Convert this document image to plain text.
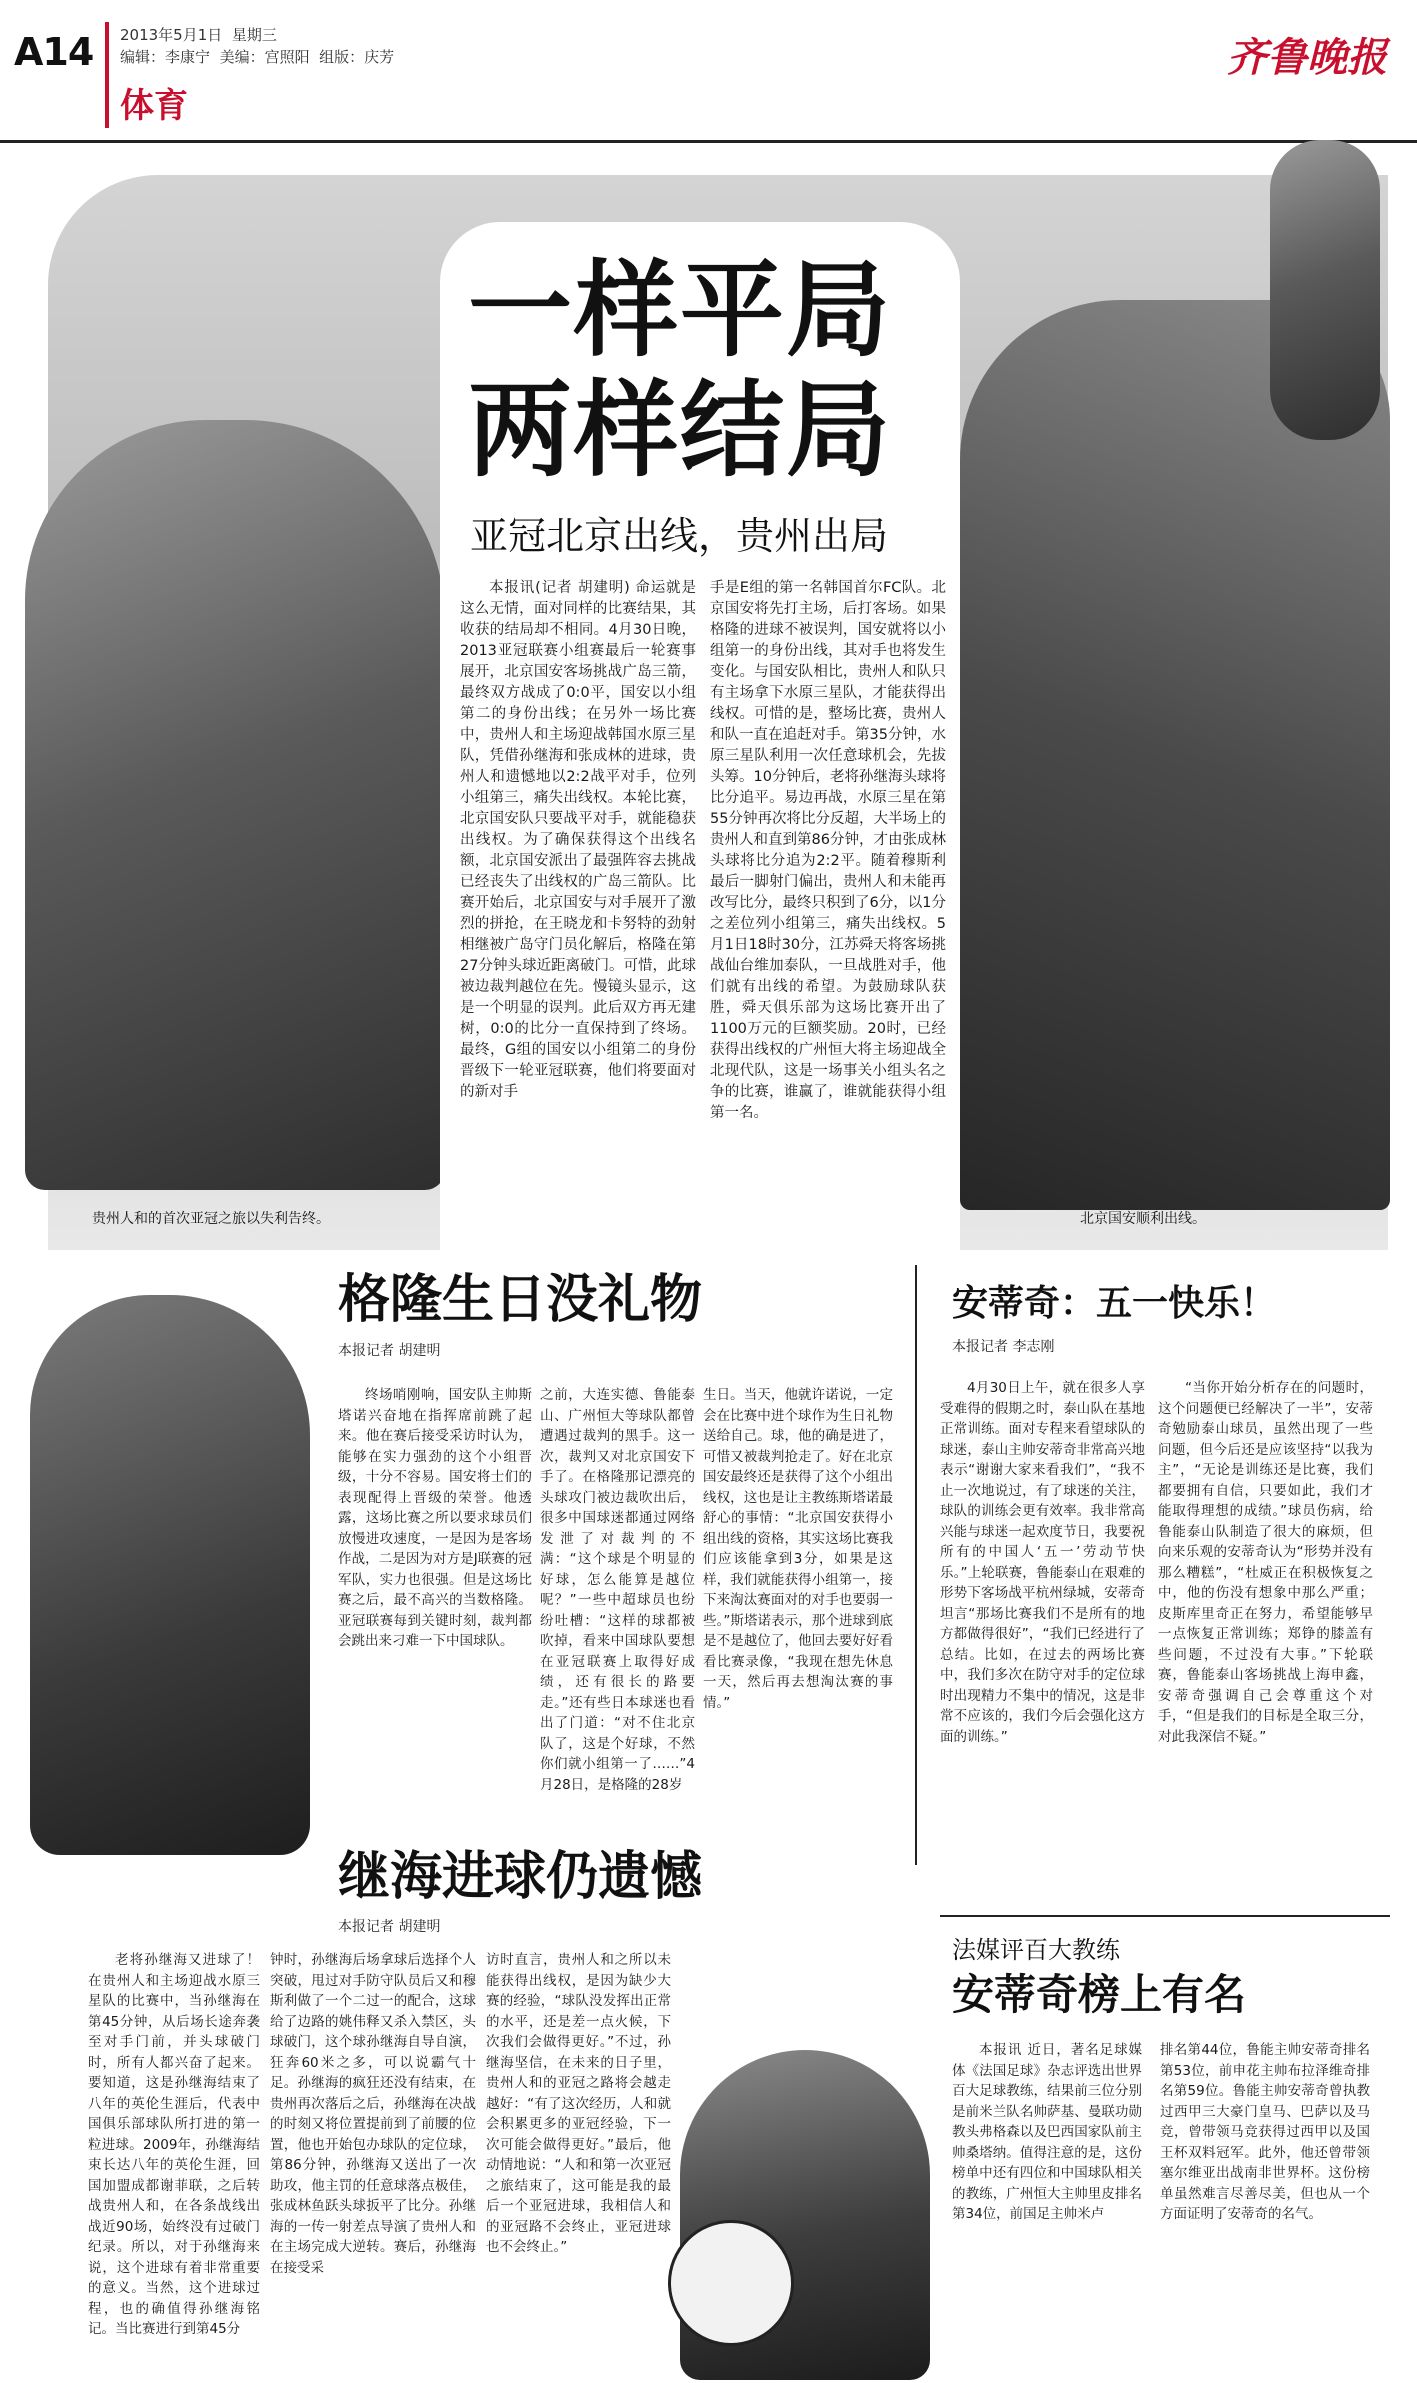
A14 2013年5月1日 星期三
编辑：李康宁 美编：宫照阳 组版：庆芳
体育
齐鲁晚报
一样平局
两样结局
亚冠北京出线，贵州出局

本报讯(记者 胡建明) 命运就是这么无情，面对同样的比赛结果，其收获的结局却不相同。4月30日晚，2013亚冠联赛小组赛最后一轮赛事展开，北京国安客场挑战广岛三箭，最终双方战成了0:0平，国安以小组第二的身份出线；在另外一场比赛中，贵州人和主场迎战韩国水原三星队，凭借孙继海和张成林的进球，贵州人和遗憾地以2:2战平对手，位列小组第三，痛失出线权。本轮比赛，北京国安队只要战平对手，就能稳获出线权。为了确保获得这个出线名额，北京国安派出了最强阵容去挑战已经丧失了出线权的广岛三箭队。比赛开始后，北京国安与对手展开了激烈的拼抢，在王晓龙和卡努特的劲射相继被广岛守门员化解后，格隆在第27分钟头球近距离破门。可惜，此球被边裁判越位在先。慢镜头显示，这是一个明显的误判。此后双方再无建树，0:0的比分一直保持到了终场。最终，G组的国安以小组第二的身份晋级下一轮亚冠联赛，他们将要面对的新对手

手是E组的第一名韩国首尔FC队。北京国安将先打主场，后打客场。如果格隆的进球不被误判，国安就将以小组第一的身份出线，其对手也将发生变化。与国安队相比，贵州人和队只有主场拿下水原三星队，才能获得出线权。可惜的是，整场比赛，贵州人和队一直在追赶对手。第35分钟，水原三星队利用一次任意球机会，先拔头筹。10分钟后，老将孙继海头球将比分追平。易边再战，水原三星在第55分钟再次将比分反超，大半场上的贵州人和直到第86分钟，才由张成林头球将比分追为2:2平。随着穆斯利最后一脚射门偏出，贵州人和未能再改写比分，最终只积到了6分，以1分之差位列小组第三，痛失出线权。5月1日18时30分，江苏舜天将客场挑战仙台维加泰队，一旦战胜对手，他们就有出线的希望。为鼓励球队获胜，舜天俱乐部为这场比赛开出了1100万元的巨额奖励。20时，已经获得出线权的广州恒大将主场迎战全北现代队，这是一场事关小组头名之争的比赛，谁赢了，谁就能获得小组第一名。

贵州人和的首次亚冠之旅以失利告终。	北京国安顺利出线。
格隆生日没礼物
本报记者 胡建明

终场哨刚响，国安队主帅斯塔诺兴奋地在指挥席前跳了起来。他在赛后接受采访时认为，能够在实力强劲的这个小组晋级，十分不容易。国安将士们的表现配得上晋级的荣誉。他透露，这场比赛之所以要求球员们放慢进攻速度，一是因为是客场作战，二是因为对方是J联赛的冠军队，实力也很强。但是这场比赛之后，最不高兴的当数格隆。亚冠联赛每到关键时刻，裁判都会跳出来刁难一下中国球队。

之前，大连实德、鲁能泰山、广州恒大等球队都曾遭遇过裁判的黑手。这一次，裁判又对北京国安下手了。在格隆那记漂亮的头球攻门被边裁吹出后，很多中国球迷都通过网络发泄了对裁判的不满：“这个球是个明显的好球，怎么能算是越位呢？”一些中超球员也纷纷吐槽：“这样的球都被吹掉，看来中国球队要想在亚冠联赛上取得好成绩，还有很长的路要走。”还有些日本球迷也看出了门道：“对不住北京队了，这是个好球，不然你们就小组第一了……”4月28日，是格隆的28岁

生日。当天，他就许诺说，一定会在比赛中进个球作为生日礼物送给自己。球，他的确是进了，可惜又被裁判抢走了。好在北京国安最终还是获得了这个小组出线权，这也是让主教练斯塔诺最舒心的事情：“北京国安获得小组出线的资格，其实这场比赛我们应该能拿到3分，如果是这样，我们就能获得小组第一，接下来淘汰赛面对的对手也要弱一些。”斯塔诺表示，那个进球到底是不是越位了，他回去要好好看看比赛录像，“我现在想先休息一天，然后再去想淘汰赛的事情。”

安蒂奇：五一快乐！
本报记者 李志刚

4月30日上午，就在很多人享受难得的假期之时，泰山队在基地正常训练。面对专程来看望球队的球迷，泰山主帅安蒂奇非常高兴地表示“谢谢大家来看我们”，“我不止一次地说过，有了球迷的关注，球队的训练会更有效率。我非常高兴能与球迷一起欢度节日，我要祝所有的中国人‘五一’劳动节快乐。”上轮联赛，鲁能泰山在艰难的形势下客场战平杭州绿城，安蒂奇坦言“那场比赛我们不是所有的地方都做得很好”，“我们已经进行了总结。比如，在过去的两场比赛中，我们多次在防守对手的定位球时出现精力不集中的情况，这是非常不应该的，我们今后会强化这方面的训练。”

“当你开始分析存在的问题时，这个问题便已经解决了一半”，安蒂奇勉励泰山球员，虽然出现了一些问题，但今后还是应该坚持“以我为主”，“无论是训练还是比赛，我们都要拥有自信，只要如此，我们才能取得理想的成绩。”球员伤病，给鲁能泰山队制造了很大的麻烦，但向来乐观的安蒂奇认为“形势并没有那么糟糕”，“杜威正在积极恢复之中，他的伤没有想象中那么严重；皮斯库里奇正在努力，希望能够早一点恢复正常训练；郑铮的膝盖有些问题，不过没有大事。”下轮联赛，鲁能泰山客场挑战上海申鑫，安蒂奇强调自己会尊重这个对手，“但是我们的目标是全取三分，对此我深信不疑。”

继海进球仍遗憾
本报记者 胡建明

老将孙继海又进球了！在贵州人和主场迎战水原三星队的比赛中，当孙继海在第45分钟，从后场长途奔袭至对手门前，并头球破门时，所有人都兴奋了起来。要知道，这是孙继海结束了八年的英伦生涯后，代表中国俱乐部球队所打进的第一粒进球。2009年，孙继海结束长达八年的英伦生涯，回国加盟成都谢菲联，之后转战贵州人和，在各条战线出战近90场，始终没有过破门纪录。所以，对于孙继海来说，这个进球有着非常重要的意义。当然，这个进球过程，也的确值得孙继海铭记。当比赛进行到第45分

钟时，孙继海后场拿球后选择个人突破，甩过对手防守队员后又和穆斯利做了一个二过一的配合，这球给了边路的姚伟释又杀入禁区，头球破门，这个球孙继海自导自演，狂奔60米之多，可以说霸气十足。孙继海的疯狂还没有结束，在贵州再次落后之后，孙继海在决战的时刻又将位置提前到了前腰的位置，他也开始包办球队的定位球，第86分钟，孙继海又送出了一次助攻，他主罚的任意球落点极佳，张成林鱼跃头球扳平了比分。孙继海的一传一射差点导演了贵州人和在主场完成大逆转。赛后，孙继海在接受采

访时直言，贵州人和之所以未能获得出线权，是因为缺少大赛的经验，“球队没发挥出正常的水平，还是差一点火候，下次我们会做得更好。”不过，孙继海坚信，在未来的日子里，贵州人和的亚冠之路将会越走越好：“有了这次经历，人和就会积累更多的亚冠经验，下一次可能会做得更好。”最后，他动情地说：“人和和第一次亚冠之旅结束了，这可能是我的最后一个亚冠进球，我相信人和的亚冠路不会终止，亚冠进球也不会终止。”

法媒评百大教练
安蒂奇榜上有名

本报讯 近日，著名足球媒体《法国足球》杂志评选出世界百大足球教练，结果前三位分别是前米兰队名帅萨基、曼联功勋教头弗格森以及巴西国家队前主帅桑塔纳。值得注意的是，这份榜单中还有四位和中国球队相关的教练，广州恒大主帅里皮排名第34位，前国足主帅米卢

排名第44位，鲁能主帅安蒂奇排名第53位，前申花主帅布拉泽维奇排名第59位。鲁能主帅安蒂奇曾执教过西甲三大豪门皇马、巴萨以及马竞，曾带领马竞获得过西甲以及国王杯双料冠军。此外，他还曾带领塞尔维亚出战南非世界杯。这份榜单虽然难言尽善尽美，但也从一个方面证明了安蒂奇的名气。
